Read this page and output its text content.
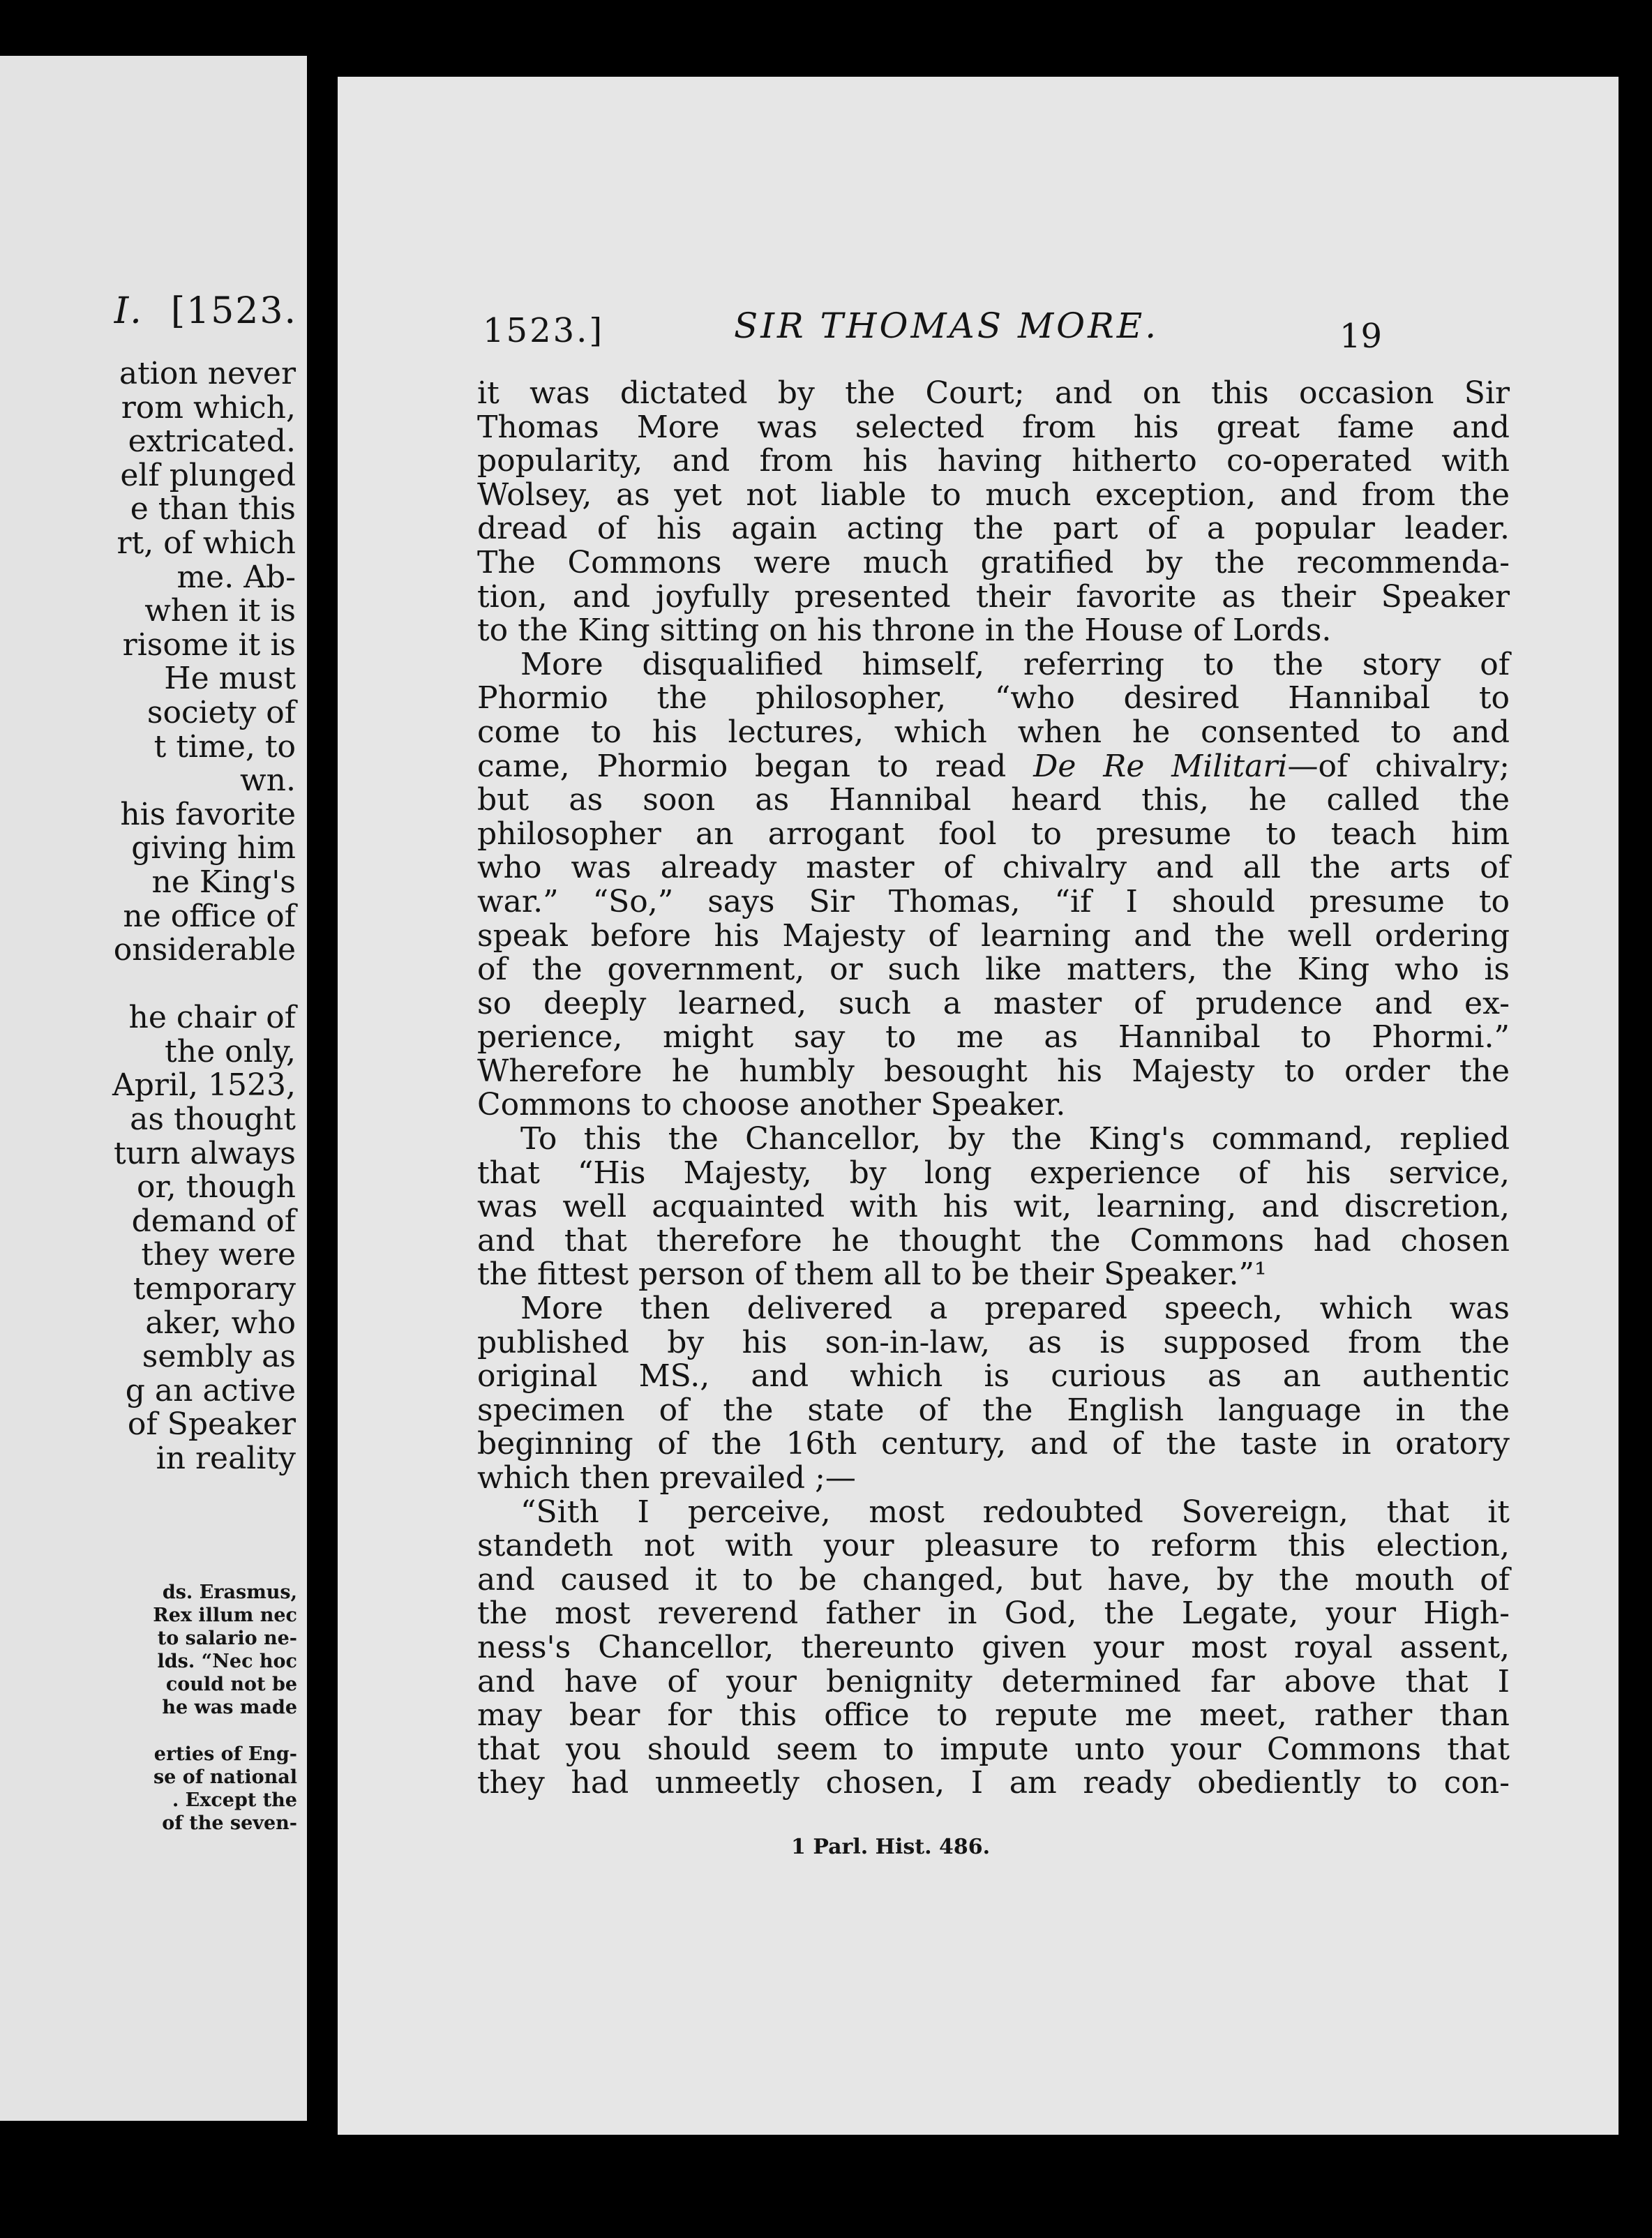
I. [1523.
ation never
rom which,
extricated.
elf plunged
e than this
rt, of which
me. Ab-
when it is
risome it is
He must
society of
t time, to
wn.
his favorite
giving him
ne King's
ne office of
onsiderable
he chair of
the only,
April, 1523,
as thought
turn always
or, though
demand of
they were
temporary
aker, who
sembly as
g an active
of Speaker
in reality
ds. Erasmus,
Rex illum nec
to salario ne-
lds. “Nec hoc
could not be
he was made
erties of Eng-
se of national
. Except the
of the seven-
1523.]	SIR THOMAS MORE.	19
it was dictated by the Court; and on this occasion Sir
Thomas More was selected from his great fame and
popularity, and from his having hitherto co-operated with
Wolsey, as yet not liable to much exception, and from the
dread of his again acting the part of a popular leader.
The Commons were much gratified by the recommenda-
tion, and joyfully presented their favorite as their Speaker
to the King sitting on his throne in the House of Lords.
More disqualified himself, referring to the story of
Phormio the philosopher, “who desired Hannibal to
come to his lectures, which when he consented to and
came, Phormio began to read De Re Militari—of chivalry;
but as soon as Hannibal heard this, he called the
philosopher an arrogant fool to presume to teach him
who was already master of chivalry and all the arts of
war.” “So,” says Sir Thomas, “if I should presume to
speak before his Majesty of learning and the well ordering
of the government, or such like matters, the King who is
so deeply learned, such a master of prudence and ex-
perience, might say to me as Hannibal to Phormi.”
Wherefore he humbly besought his Majesty to order the
Commons to choose another Speaker.
To this the Chancellor, by the King's command, replied
that “His Majesty, by long experience of his service,
was well acquainted with his wit, learning, and discretion,
and that therefore he thought the Commons had chosen
the fittest person of them all to be their Speaker.”¹
More then delivered a prepared speech, which was
published by his son-in-law, as is supposed from the
original MS., and which is curious as an authentic
specimen of the state of the English language in the
beginning of the 16th century, and of the taste in oratory
which then prevailed ;—
“Sith I perceive, most redoubted Sovereign, that it
standeth not with your pleasure to reform this election,
and caused it to be changed, but have, by the mouth of
the most reverend father in God, the Legate, your High-
ness's Chancellor, thereunto given your most royal assent,
and have of your benignity determined far above that I
may bear for this office to repute me meet, rather than
that you should seem to impute unto your Commons that
they had unmeetly chosen, I am ready obediently to con-
1 Parl. Hist. 486.
